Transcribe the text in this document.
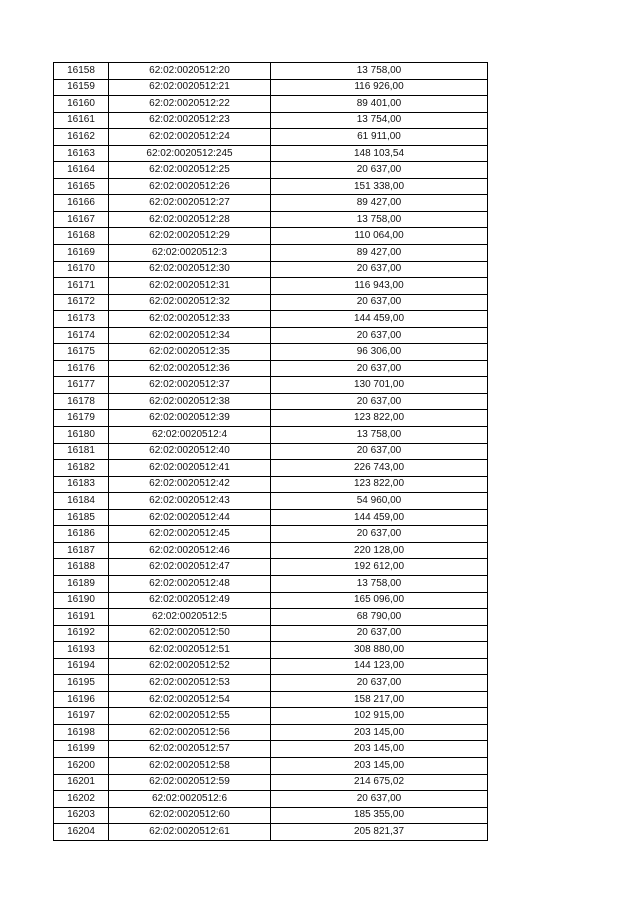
16158	62:02:0020512:20	13 758,00
16159	62:02:0020512:21	116 926,00
16160	62:02:0020512:22	89 401,00
16161	62:02:0020512:23	13 754,00
16162	62:02:0020512:24	61 911,00
16163	62:02:0020512:245	148 103,54
16164	62:02:0020512:25	20 637,00
16165	62:02:0020512:26	151 338,00
16166	62:02:0020512:27	89 427,00
16167	62:02:0020512:28	13 758,00
16168	62:02:0020512:29	110 064,00
16169	62:02:0020512:3	89 427,00
16170	62:02:0020512:30	20 637,00
16171	62:02:0020512:31	116 943,00
16172	62:02:0020512:32	20 637,00
16173	62:02:0020512:33	144 459,00
16174	62:02:0020512:34	20 637,00
16175	62:02:0020512:35	96 306,00
16176	62:02:0020512:36	20 637,00
16177	62:02:0020512:37	130 701,00
16178	62:02:0020512:38	20 637,00
16179	62:02:0020512:39	123 822,00
16180	62:02:0020512:4	13 758,00
16181	62:02:0020512:40	20 637,00
16182	62:02:0020512:41	226 743,00
16183	62:02:0020512:42	123 822,00
16184	62:02:0020512:43	54 960,00
16185	62:02:0020512:44	144 459,00
16186	62:02:0020512:45	20 637,00
16187	62:02:0020512:46	220 128,00
16188	62:02:0020512:47	192 612,00
16189	62:02:0020512:48	13 758,00
16190	62:02:0020512:49	165 096,00
16191	62:02:0020512:5	68 790,00
16192	62:02:0020512:50	20 637,00
16193	62:02:0020512:51	308 880,00
16194	62:02:0020512:52	144 123,00
16195	62:02:0020512:53	20 637,00
16196	62:02:0020512:54	158 217,00
16197	62:02:0020512:55	102 915,00
16198	62:02:0020512:56	203 145,00
16199	62:02:0020512:57	203 145,00
16200	62:02:0020512:58	203 145,00
16201	62:02:0020512:59	214 675,02
16202	62:02:0020512:6	20 637,00
16203	62:02:0020512:60	185 355,00
16204	62:02:0020512:61	205 821,37
